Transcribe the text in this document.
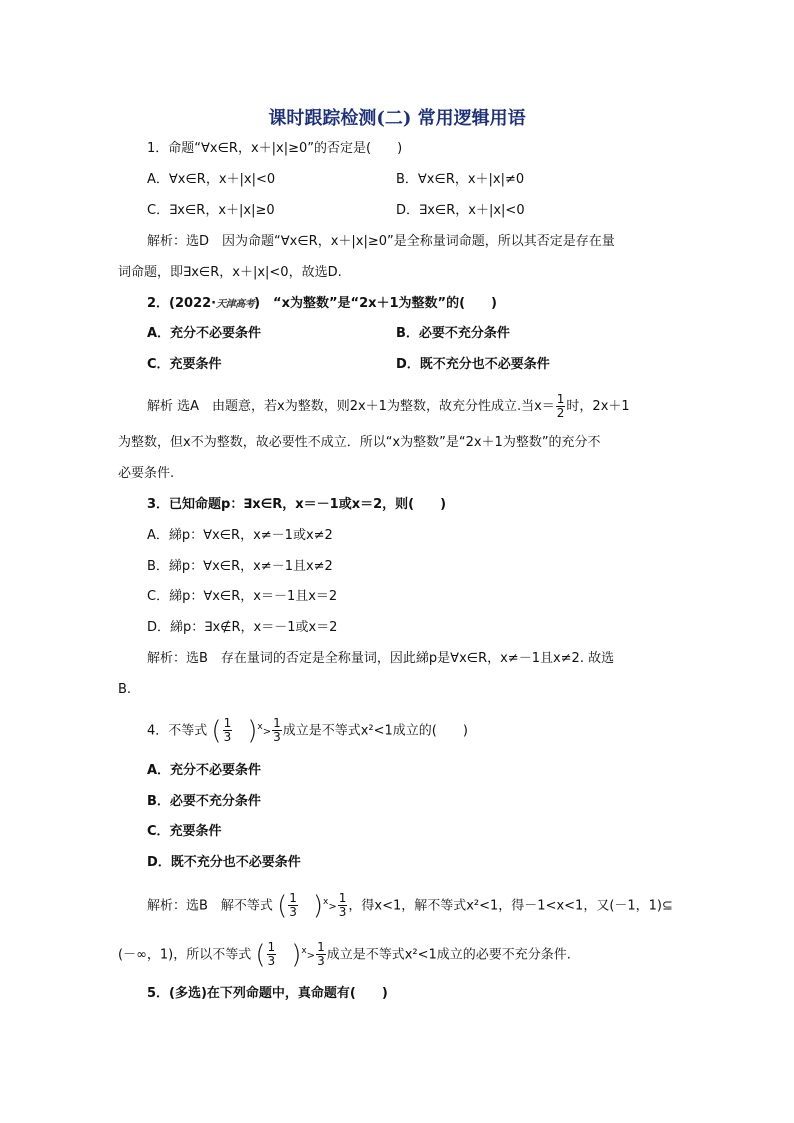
课时跟踪检测(二) 常用逻辑用语
1．命题“∀x∈R，x＋|x|≥0”的否定是(　　)
A．∀x∈R，x＋|x|<0	B．∀x∈R，x＋|x|≠0
C．∃x∈R，x＋|x|≥0	D．∃x∈R，x＋|x|<0
解析：选D　因为命题“∀x∈R，x＋|x|≥0”是全称量词命题，所以其否定是存在量
词命题，即∃x∈R，x＋|x|<0，故选D.
2．(2022·天津高考)　“x为整数”是“2x＋1为整数”的(　　)
A．充分不必要条件	B．必要不充分条件
C．充要条件	D．既不充分也不必要条件
解析 选A　由题意，若x为整数，则2x＋1为整数，故充分性成立.当$x= \frac{1}{2}$ 时，2x＋1
为整数，但x不为整数，故必要性不成立．所以“x为整数”是“2x＋1为整数”的充分不
必要条件.
3．已知命题p：∃x∈R，x＝－1或x＝2，则(　　)
A．綈p：∀x∈R，x≠－1或x≠2
B．綈p：∀x∈R，x≠－1且x≠2
C．綈p：∀x∈R，x＝－1且x＝2
D．綈p：∃x∉R，x＝－1或x＝2
解析：选B　存在量词的否定是全称量词，因此綈p是∀x∈R，x≠－1且x≠2. 故选
B.
4．不等式 ( $\frac{1}{3}$ ) $^x> \frac{1}{3}$ 成立是不等式x²<1成立的(　　)
A．充分不必要条件
B．必要不充分条件
C．充要条件
D．既不充分也不必要条件
解析：选B　解不等式 ( $\frac{1}{3}$ ) $^x> \frac{1}{3}$ ，得x<1，解不等式x²<1，得－1<x<1，又(－1，1)⊆
(－∞，1)，所以不等式 ( $\frac{1}{3}$ ) $^x> \frac{1}{3}$ 成立是不等式x²<1成立的必要不充分条件.
5．(多选)在下列命题中，真命题有(　　)
